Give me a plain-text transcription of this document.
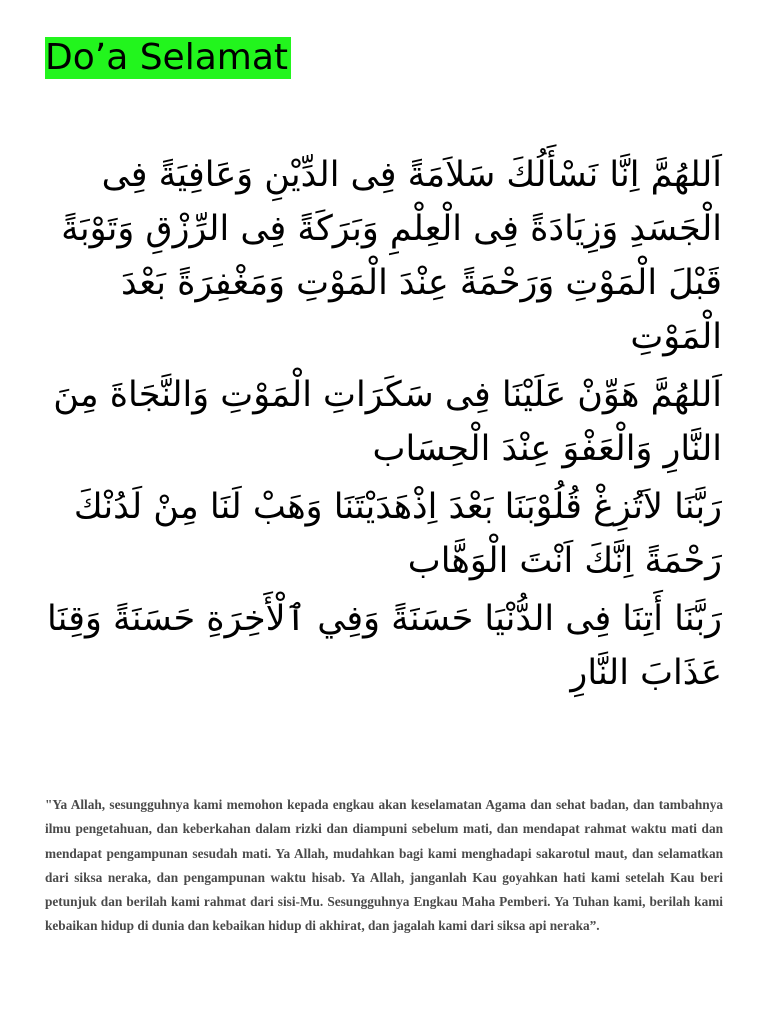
Do’a Selamat

اَللهُمَّ اِنَّا نَسْأَلُكَ سَلاَمَةً فِى الدِّيْنِ وَعَافِيَةً فِى الْجَسَدِ وَزِيَادَةً فِى الْعِلْمِ وَبَرَكَةً فِى الرِّزْقِ وَتَوْبَةً قَبْلَ الْمَوْتِ وَرَحْمَةً عِنْدَ الْمَوْتِ وَمَغْفِرَةً بَعْدَ الْمَوْتِ

اَللهُمَّ هَوِّنْ عَلَيْنَا فِى سَكَرَاتِ الْمَوْتِ وَالنَّجَاةَ مِنَ النَّارِ وَالْعَفْوَ عِنْدَ الْحِسَاب

رَبَّنَا لاَتُزِغْ قُلُوْبَنَا بَعْدَ اِذْهَدَيْتَنَا وَهَبْ لَنَا مِنْ لَدُنْكَ رَحْمَةً اِنَّكَ اَنْتَ الْوَهَّاب

رَبَّنَا أَتِنَا فِى الدُّنْيَا حَسَنَةً وَفِي ٱلْأَخِرَةِ حَسَنَةً وَقِنَا عَذَابَ النَّارِ

"Ya Allah, sesungguhnya kami memohon kepada engkau akan keselamatan Agama dan sehat badan, dan tambahnya ilmu pengetahuan, dan keberkahan dalam rizki dan diampuni sebelum mati, dan mendapat rahmat waktu mati dan mendapat pengampunan sesudah mati. Ya Allah, mudahkan bagi kami menghadapi sakarotul maut, dan selamatkan dari siksa neraka, dan pengampunan waktu hisab. Ya Allah, janganlah Kau goyahkan hati kami setelah Kau beri petunjuk dan berilah kami rahmat dari sisi-Mu. Sesungguhnya Engkau Maha Pemberi. Ya Tuhan kami, berilah kami kebaikan hidup di dunia dan kebaikan hidup di akhirat, dan jagalah kami dari siksa api neraka”.
